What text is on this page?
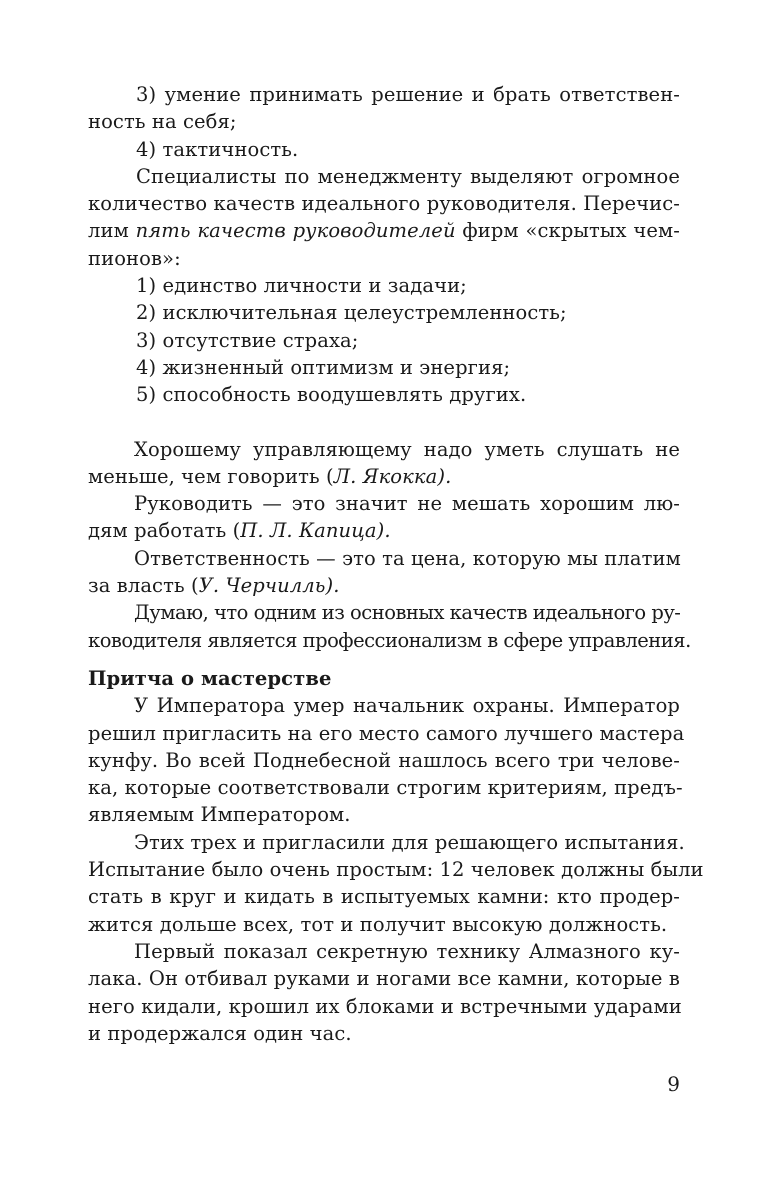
3) умение принимать решение и брать ответствен-
ность на себя;
4) тактичность.
Специалисты по менеджменту выделяют огромное
количество качеств идеального руководителя. Перечис-
лим пять качеств руководителей фирм «скрытых чем-
пионов»:
1) единство личности и задачи;
2) исключительная целеустремленность;
3) отсутствие страха;
4) жизненный оптимизм и энергия;
5) способность воодушевлять других.
Хорошему управляющему надо уметь слушать не
меньше, чем говорить (Л. Якокка).
Руководить — это значит не мешать хорошим лю-
дям работать (П. Л. Капица).
Ответственность — это та цена, которую мы платим
за власть (У. Черчилль).
Думаю, что одним из основных качеств идеального ру-
ководителя является профессионализм в сфере управления.
Притча о мастерстве
У Императора умер начальник охраны. Император
решил пригласить на его место самого лучшего мастера
кунфу. Во всей Поднебесной нашлось всего три челове-
ка, которые соответствовали строгим критериям, предъ-
являемым Императором.
Этих трех и пригласили для решающего испытания.
Испытание было очень простым: 12 человек должны были
стать в круг и кидать в испытуемых камни: кто продер-
жится дольше всех, тот и получит высокую должность.
Первый показал секретную технику Алмазного ку-
лака. Он отбивал руками и ногами все камни, которые в
него кидали, крошил их блоками и встречными ударами
и продержался один час.
9
